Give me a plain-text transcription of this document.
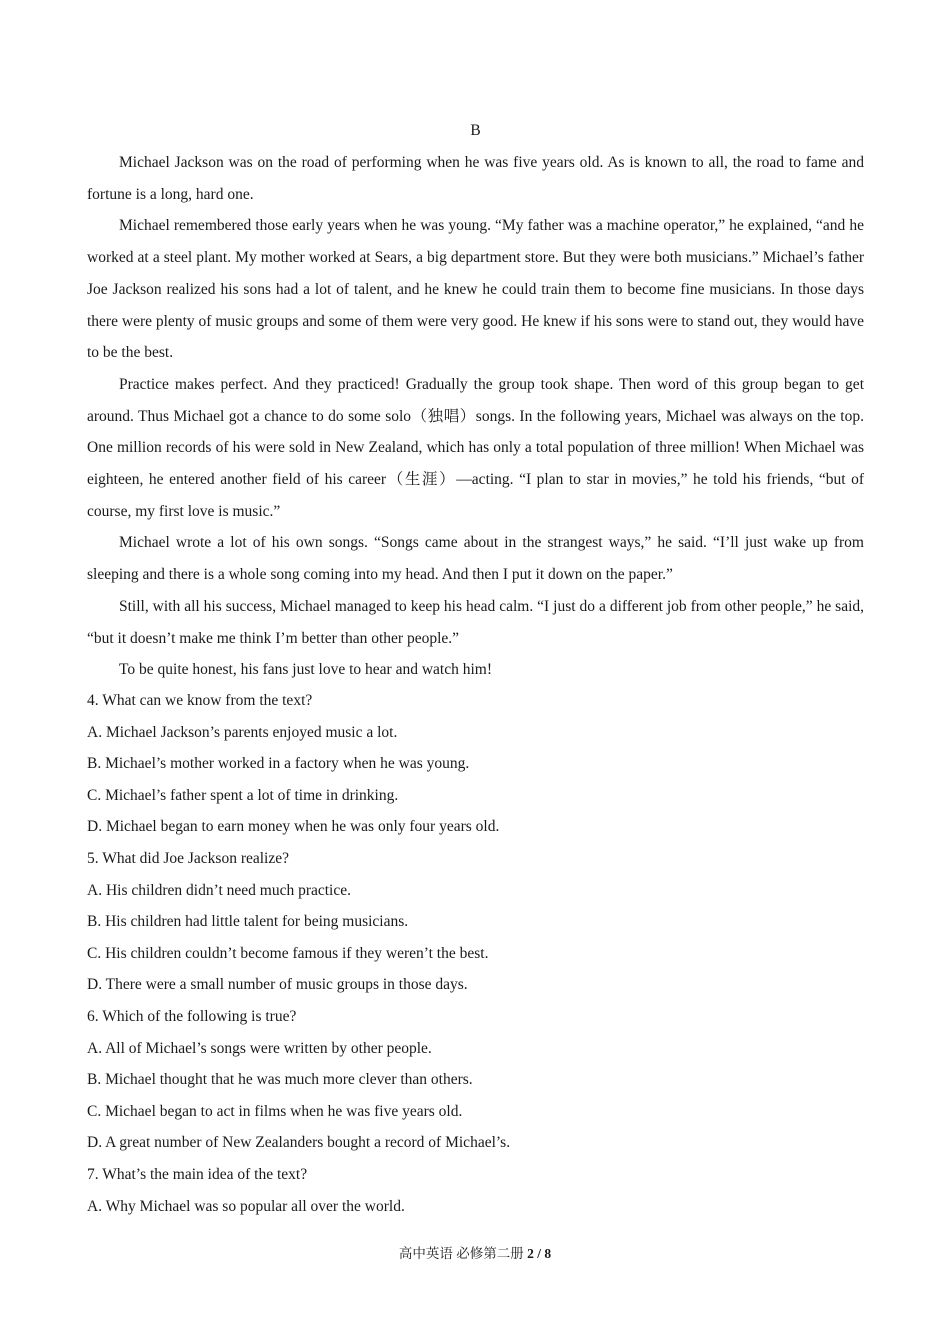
B

Michael Jackson was on the road of performing when he was five years old. As is known to all, the road to fame and fortune is a long, hard one.

Michael remembered those early years when he was young. “My father was a machine operator,” he explained, “and he worked at a steel plant. My mother worked at Sears, a big department store. But they were both musicians.” Michael’s father Joe Jackson realized his sons had a lot of talent, and he knew he could train them to become fine musicians. In those days there were plenty of music groups and some of them were very good. He knew if his sons were to stand out, they would have to be the best.

Practice makes perfect. And they practiced! Gradually the group took shape. Then word of this group began to get around. Thus Michael got a chance to do some solo（独唱）songs. In the following years, Michael was always on the top. One million records of his were sold in New Zealand, which has only a total population of three million! When Michael was eighteen, he entered another field of his career（生涯）—acting. “I plan to star in movies,” he told his friends, “but of course, my first love is music.”

Michael wrote a lot of his own songs. “Songs came about in the strangest ways,” he said. “I’ll just wake up from sleeping and there is a whole song coming into my head. And then I put it down on the paper.”

Still, with all his success, Michael managed to keep his head calm. “I just do a different job from other people,” he said, “but it doesn’t make me think I’m better than other people.”

To be quite honest, his fans just love to hear and watch him!

4. What can we know from the text?
A. Michael Jackson’s parents enjoyed music a lot.
B. Michael’s mother worked in a factory when he was young.
C. Michael’s father spent a lot of time in drinking.
D. Michael began to earn money when he was only four years old.
5. What did Joe Jackson realize?
A. His children didn’t need much practice.
B. His children had little talent for being musicians.
C. His children couldn’t become famous if they weren’t the best.
D. There were a small number of music groups in those days.
6. Which of the following is true?
A. All of Michael’s songs were written by other people.
B. Michael thought that he was much more clever than others.
C. Michael began to act in films when he was five years old.
D. A great number of New Zealanders bought a record of Michael’s.
7. What’s the main idea of the text?
A. Why Michael was so popular all over the world.
高中英语 必修第二册 2 / 8
